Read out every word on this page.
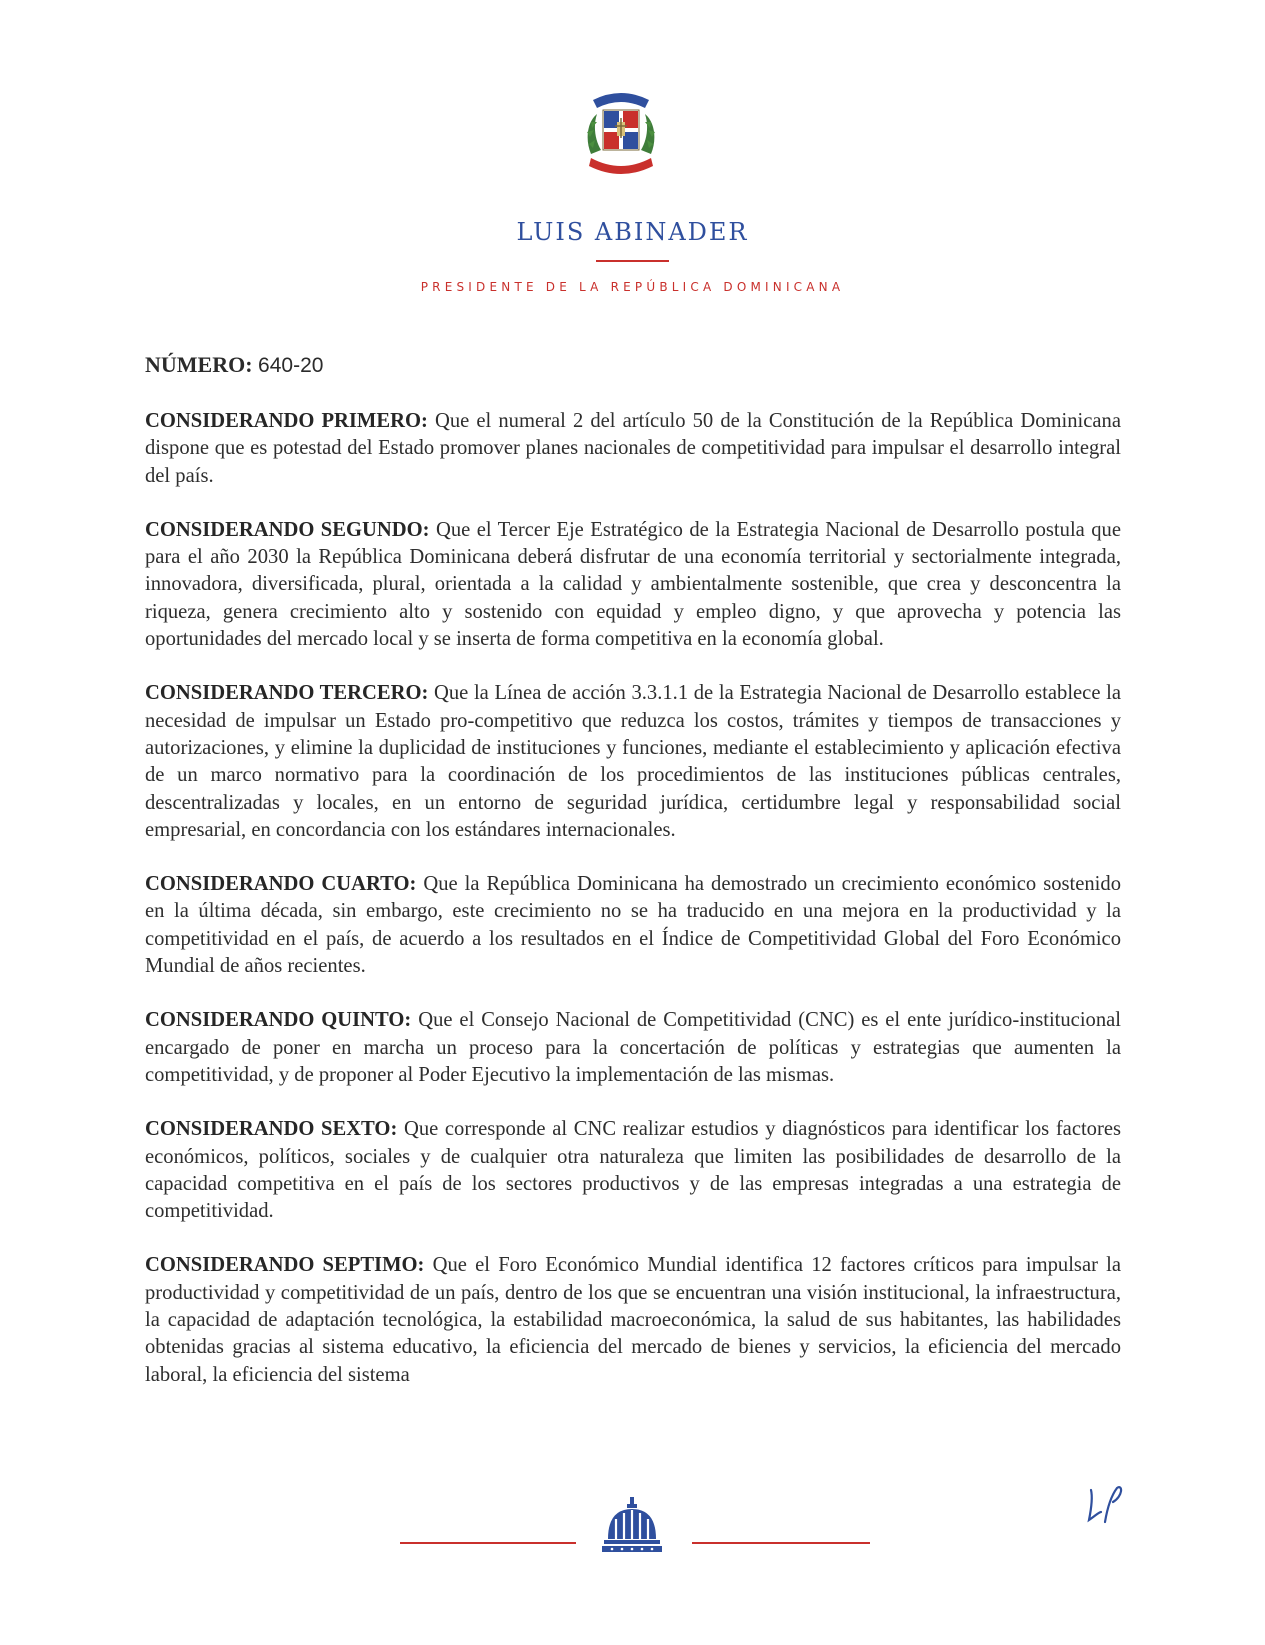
LUIS ABINADER
PRESIDENTE DE LA REPÚBLICA DOMINICANA
NÚMERO: 640-20

CONSIDERANDO PRIMERO: Que el numeral 2 del artículo 50 de la Constitución de la República Dominicana dispone que es potestad del Estado promover planes nacionales de competitividad para impulsar el desarrollo integral del país.

CONSIDERANDO SEGUNDO: Que el Tercer Eje Estratégico de la Estrategia Nacional de Desarrollo postula que para el año 2030 la República Dominicana deberá disfrutar de una economía territorial y sectorialmente integrada, innovadora, diversificada, plural, orientada a la calidad y ambientalmente sostenible, que crea y desconcentra la riqueza, genera crecimiento alto y sostenido con equidad y empleo digno, y que aprovecha y potencia las oportunidades del mercado local y se inserta de forma competitiva en la economía global.

CONSIDERANDO TERCERO: Que la Línea de acción 3.3.1.1 de la Estrategia Nacional de Desarrollo establece la necesidad de impulsar un Estado pro-competitivo que reduzca los costos, trámites y tiempos de transacciones y autorizaciones, y elimine la duplicidad de instituciones y funciones, mediante el establecimiento y aplicación efectiva de un marco normativo para la coordinación de los procedimientos de las instituciones públicas centrales, descentralizadas y locales, en un entorno de seguridad jurídica, certidumbre legal y responsabilidad social empresarial, en concordancia con los estándares internacionales.

CONSIDERANDO CUARTO: Que la República Dominicana ha demostrado un crecimiento económico sostenido en la última década, sin embargo, este crecimiento no se ha traducido en una mejora en la productividad y la competitividad en el país, de acuerdo a los resultados en el Índice de Competitividad Global del Foro Económico Mundial de años recientes.

CONSIDERANDO QUINTO: Que el Consejo Nacional de Competitividad (CNC) es el ente jurídico-institucional encargado de poner en marcha un proceso para la concertación de políticas y estrategias que aumenten la competitividad, y de proponer al Poder Ejecutivo la implementación de las mismas.

CONSIDERANDO SEXTO: Que corresponde al CNC realizar estudios y diagnósticos para identificar los factores económicos, políticos, sociales y de cualquier otra naturaleza que limiten las posibilidades de desarrollo de la capacidad competitiva en el país de los sectores productivos y de las empresas integradas a una estrategia de competitividad.

CONSIDERANDO SEPTIMO: Que el Foro Económico Mundial identifica 12 factores críticos para impulsar la productividad y competitividad de un país, dentro de los que se encuentran una visión institucional, la infraestructura, la capacidad de adaptación tecnológica, la estabilidad macroeconómica, la salud de sus habitantes, las habilidades obtenidas gracias al sistema educativo, la eficiencia del mercado de bienes y servicios, la eficiencia del mercado laboral, la eficiencia del sistema
